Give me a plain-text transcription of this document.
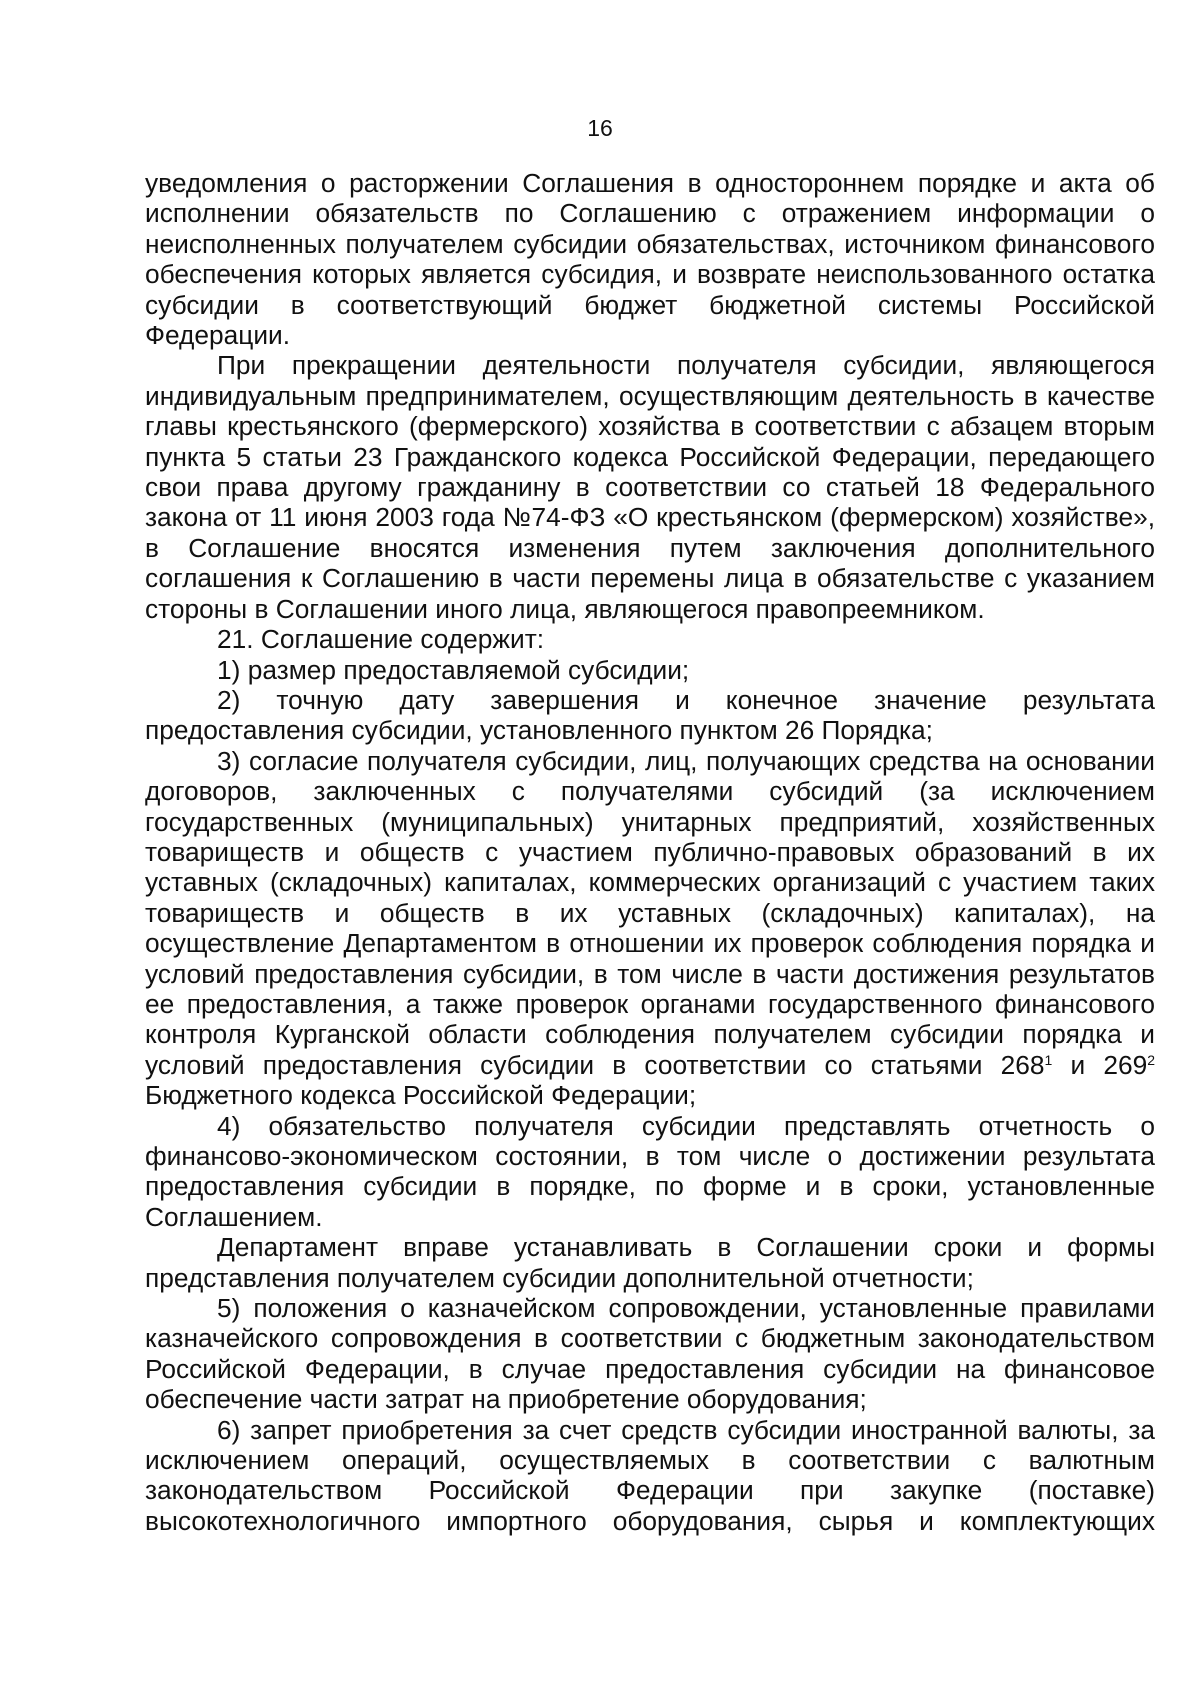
16

уведомления о расторжении Соглашения в одностороннем порядке и акта об исполнении обязательств по Соглашению с отражением информации о неисполненных получателем субсидии обязательствах, источником финансового обеспечения которых является субсидия, и возврате неиспользованного остатка субсидии в соответствующий бюджет бюджетной системы Российской Федерации.

При прекращении деятельности получателя субсидии, являющегося индивидуальным предпринимателем, осуществляющим деятельность в качестве главы крестьянского (фермерского) хозяйства в соответствии с абзацем вторым пункта 5 статьи 23 Гражданского кодекса Российской Федерации, передающего свои права другому гражданину в соответствии со статьей 18 Федерального закона от 11 июня 2003 года №74-ФЗ «О крестьянском (фермерском) хозяйстве», в Соглашение вносятся изменения путем заключения дополнительного соглашения к Соглашению в части перемены лица в обязательстве с указанием стороны в Соглашении иного лица, являющегося правопреемником.

21. Соглашение содержит:

1) размер предоставляемой субсидии;

2) точную дату завершения и конечное значение результата предоставления субсидии, установленного пунктом 26 Порядка;

3) согласие получателя субсидии, лиц, получающих средства на основании договоров, заключенных с получателями субсидий (за исключением государственных (муниципальных) унитарных предприятий, хозяйственных товариществ и обществ с участием публично-правовых образований в их уставных (складочных) капиталах, коммерческих организаций с участием таких товариществ и обществ в их уставных (складочных) капиталах), на осуществление Департаментом в отношении их проверок соблюдения порядка и условий предоставления субсидии, в том числе в части достижения результатов ее предоставления, а также проверок органами государственного финансового контроля Курганской области соблюдения получателем субсидии порядка и условий предоставления субсидии в соответствии со статьями $268^1$ и $269^2$ Бюджетного кодекса Российской Федерации;

4) обязательство получателя субсидии представлять отчетность о финансово-экономическом состоянии, в том числе о достижении результата предоставления субсидии в порядке, по форме и в сроки, установленные Соглашением.

Департамент вправе устанавливать в Соглашении сроки и формы представления получателем субсидии дополнительной отчетности;

5) положения о казначейском сопровождении, установленные правилами казначейского сопровождения в соответствии с бюджетным законодательством Российской Федерации, в случае предоставления субсидии на финансовое обеспечение части затрат на приобретение оборудования;

6) запрет приобретения за счет средств субсидии иностранной валюты, за исключением операций, осуществляемых в соответствии с валютным законодательством Российской Федерации при закупке (поставке) высокотехнологичного импортного оборудования, сырья и комплектующих
